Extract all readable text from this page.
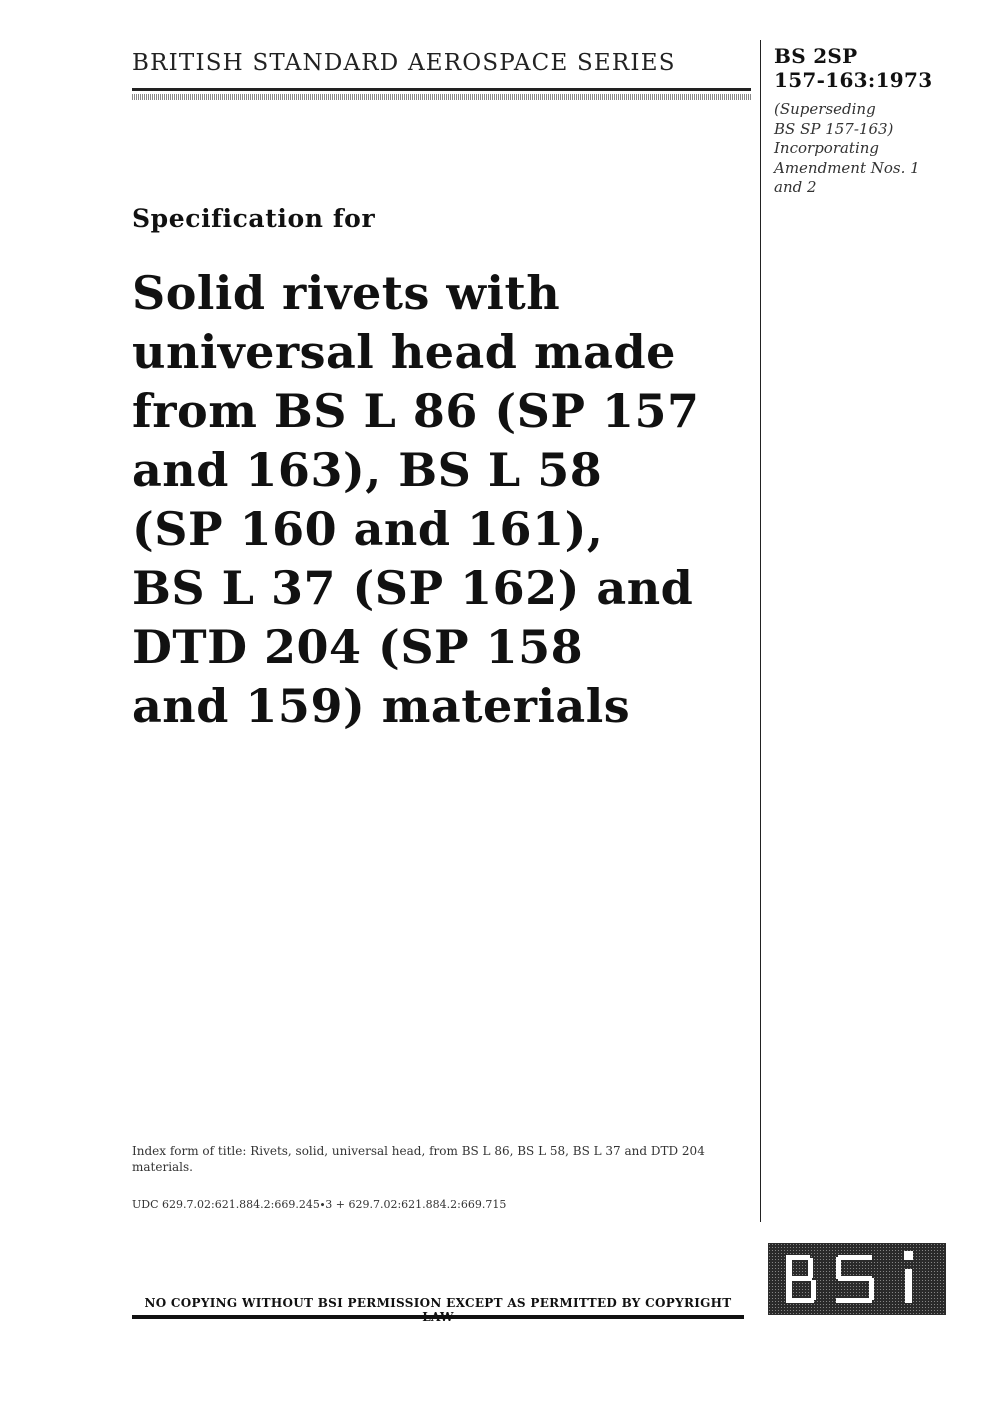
BRITISH STANDARD AEROSPACE SERIES	BS 2SP
157-163:1973
(Superseding
BS SP 157-163)
Incorporating
Amendment Nos. 1
and 2
Specification for
Solid rivets with
universal head made
from BS L 86 (SP 157
and 163), BS L 58
(SP 160 and 161),
BS L 37 (SP 162) and
DTD 204 (SP 158
and 159) materials
Index form of title: Rivets, solid, universal head, from BS L 86, BS L 58, BS L 37 and DTD 204 materials.
UDC 629.7.02:621.884.2:669.245∙3 + 629.7.02:621.884.2:669.715
NO COPYING WITHOUT BSI PERMISSION EXCEPT AS PERMITTED BY COPYRIGHT
